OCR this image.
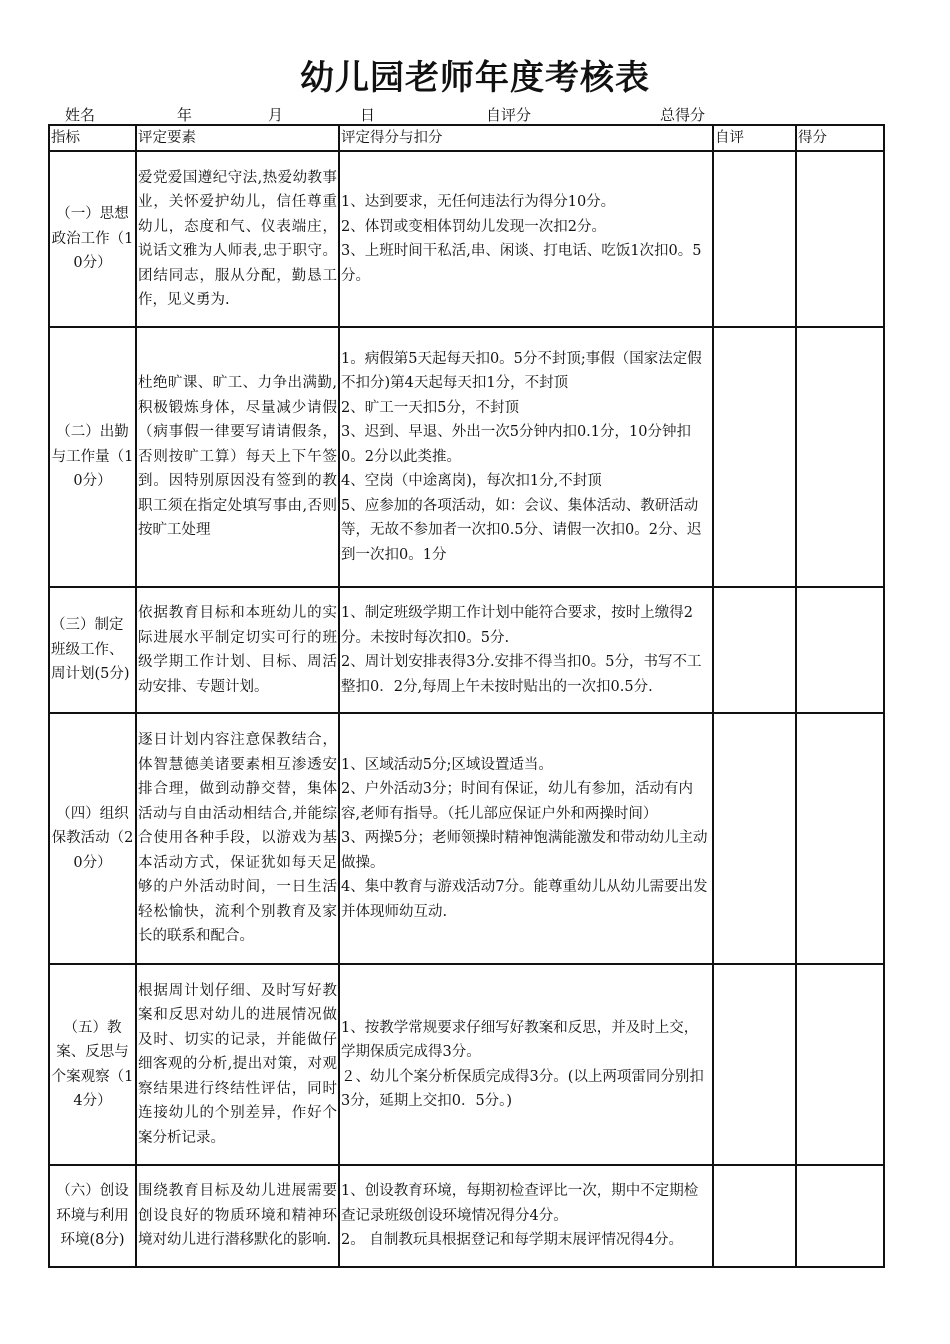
幼儿园老师年度考核表
姓名	年	月	日	自评分	总得分
指标	评定要素	评定得分与扣分	自评	得分
（一）思想政治工作（10分）	爱党爱国遵纪守法,热爱幼教事业，关怀爱护幼儿，信任尊重幼儿，态度和气、仪表端庄，说话文雅为人师表,忠于职守。团结同志，服从分配，勤恳工作，见义勇为.	1、达到要求，无任何违法行为得分10分。
2、体罚或变相体罚幼儿发现一次扣2分。
3、上班时间干私活,串、闲谈、打电话、吃饭1次扣0。5分。		

（二）出勤与工作量（10分）	杜绝旷课、旷工、力争出满勤,积极锻炼身体，尽量减少请假（病事假一律要写请请假条，否则按旷工算）每天上下午签到。因特别原因没有签到的教职工须在指定处填写事由,否则按旷工处理	1。病假第5天起每天扣0。5分不封顶;事假（国家法定假不扣分)第4天起每天扣1分，不封顶
2、旷工一天扣5分，不封顶
3、迟到、早退、外出一次5分钟内扣0.1分，10分钟扣0。2分以此类推。
4、空岗（中途离岗)，每次扣1分,不封顶
5、应参加的各项活动，如：会议、集体活动、教研活动等，无故不参加者一次扣0.5分、请假一次扣0。2分、迟到一次扣0。1分		

（三）制定班级工作、周计划(5分)	依据教育目标和本班幼儿的实际进展水平制定切实可行的班级学期工作计划、目标、周活动安排、专题计划。	1、制定班级学期工作计划中能符合要求，按时上缴得2分。未按时每次扣0。5分.
2、周计划安排表得3分.安排不得当扣0。5分，书写不工整扣0．2分,每周上午未按时贴出的一次扣0.5分.		

（四）组织保教活动（20分）	逐日计划内容注意保教结合，体智慧德美诸要素相互渗透安排合理，做到动静交替，集体活动与自由活动相结合,并能综合使用各种手段，以游戏为基本活动方式，保证犹如每天足够的户外活动时间，一日生活轻松愉快，流利个别教育及家长的联系和配合。	1、区域活动5分;区域设置适当。
2、户外活动3分；时间有保证，幼儿有参加，活动有内容,老师有指导。（托儿部应保证户外和两操时间）
3、两操5分；老师领操时精神饱满能激发和带动幼儿主动做操。
4、集中教育与游戏活动7分。能尊重幼儿从幼儿需要出发并体现师幼互动.		

（五）教案、反思与个案观察（14分）	根据周计划仔细、及时写好教案和反思对幼儿的进展情况做及时、切实的记录，并能做仔细客观的分析,提出对策，对观察结果进行终结性评估，同时连接幼儿的个别差异，作好个案分析记录。	1、按教学常规要求仔细写好教案和反思，并及时上交，学期保质完成得3分。
２、幼儿个案分析保质完成得3分。(以上两项雷同分别扣3分，延期上交扣0．5分。)		

（六）创设环境与利用环境(8分)	围绕教育目标及幼儿进展需要创设良好的物质环境和精神环境对幼儿进行潜移默化的影响.	1、创设教育环境，每期初检查评比一次，期中不定期检查记录班级创设环境情况得分4分。
2。 自制教玩具根据登记和每学期末展评情况得4分。		
